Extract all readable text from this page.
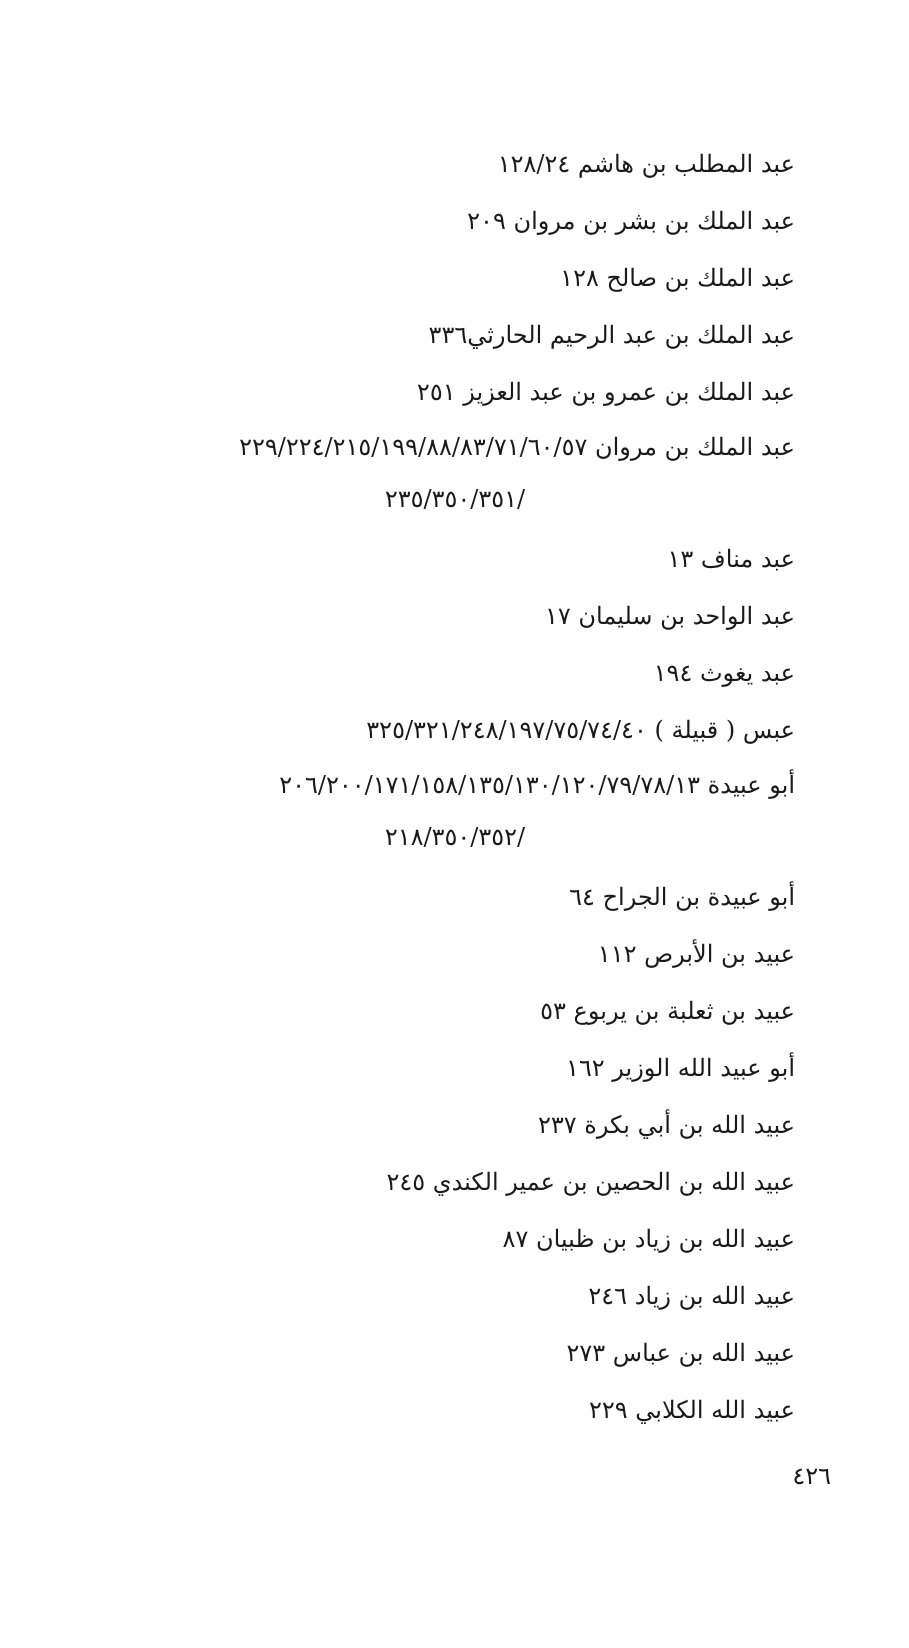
عبد المطلب بن هاشم ١٢٨/٢٤
عبد الملك بن بشر بن مروان ٢٠٩
عبد الملك بن صالح ١٢٨
عبد الملك بن عبد الرحيم الحارثي٣٣٦
عبد الملك بن عمرو بن عبد العزيز ٢٥١
عبد الملك بن مروان ٢٢٩/٢٢٤/٢١٥/١٩٩/٨٨/٨٣/٧١/٦٠/٥٧
/٢٣٥/٣٥٠/٣٥١
عبد مناف ١٣
عبد الواحد بن سليمان ١٧
عبد يغوث ١٩٤
عبس ( قبيلة ) ٣٢٥/٣٢١/٢٤٨/١٩٧/٧٥/٧٤/٤٠
أبو عبيدة ٢٠٦/٢٠٠/١٧١/١٥٨/١٣٥/١٣٠/١٢٠/٧٩/٧٨/١٣
/٢١٨/٣٥٠/٣٥٢
أبو عبيدة بن الجراح ٦٤
عبيد بن الأبرص ١١٢
عبيد بن ثعلبة بن يربوع ٥٣
أبو عبيد الله الوزير ١٦٢
عبيد الله بن أبي بكرة ٢٣٧
عبيد الله بن الحصين بن عمير الكندي ٢٤٥
عبيد الله بن زياد بن ظبيان ٨٧
عبيد الله بن زياد ٢٤٦
عبيد الله بن عباس ٢٧٣
عبيد الله الكلابي ٢٢٩
٤٢٦
